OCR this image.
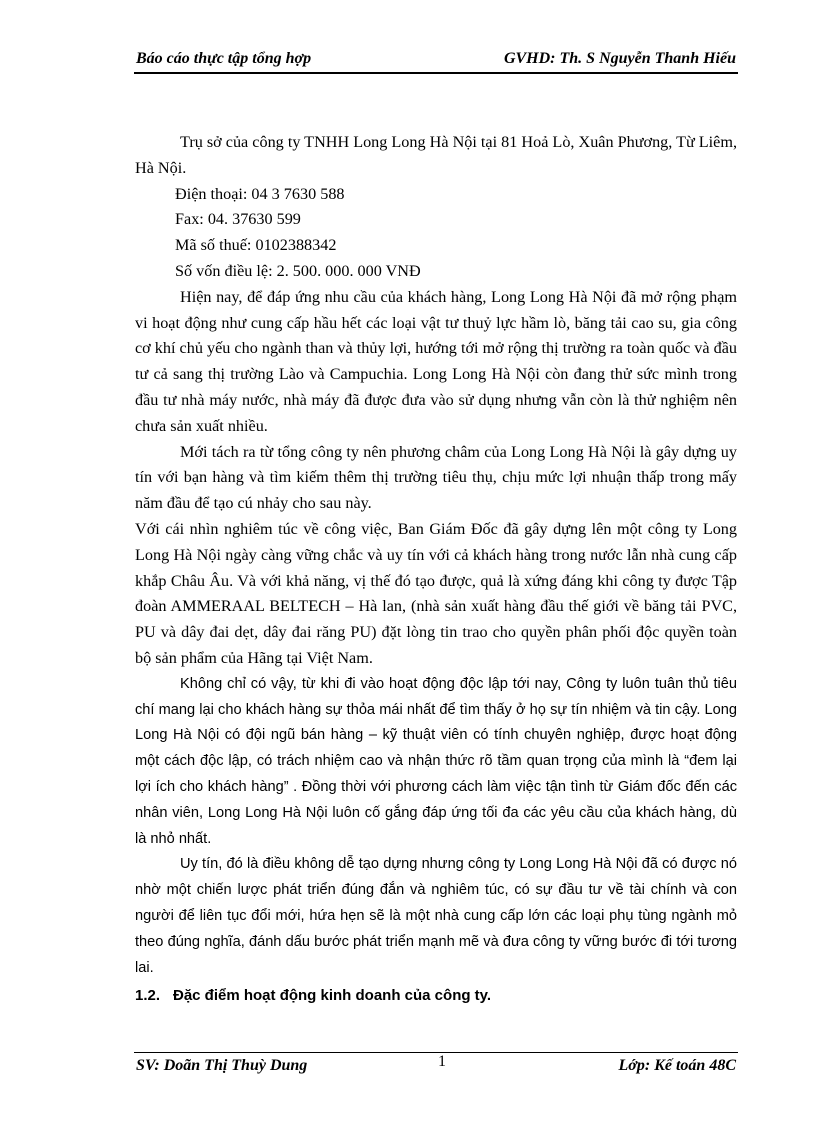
Báo cáo thực tập tổng hợp	GVHD: Th. S Nguyễn Thanh Hiếu

Trụ sở của công ty TNHH Long Long Hà Nội tại 81 Hoả Lò, Xuân Phương, Từ Liêm, Hà Nội.

Điện thoại: 04 3 7630 588

Fax: 04. 37630 599

Mã số thuế: 0102388342

Số vốn điều lệ: 2. 500. 000. 000 VNĐ

Hiện nay, để đáp ứng nhu cầu của khách hàng, Long Long Hà Nội đã mở rộng phạm vi hoạt động như cung cấp hầu hết các loại vật tư thuỷ lực hầm lò, băng tải cao su, gia công cơ khí chủ yếu cho ngành than và thủy lợi, hướng tới mở rộng thị trường ra toàn quốc và đầu tư cả sang thị trường Lào và Campuchia. Long Long Hà Nội còn đang thử sức mình trong đầu tư nhà máy nước, nhà máy đã được đưa vào sử dụng nhưng vẫn còn là thử nghiệm nên chưa sản xuất nhiều.

Mới tách ra từ tổng công ty nên phương châm của Long Long Hà Nội là gây dựng uy tín với bạn hàng và tìm kiếm thêm thị trường tiêu thụ, chịu mức lợi nhuận thấp trong mấy năm đầu để tạo cú nhảy cho sau này.

Với cái nhìn nghiêm túc về công việc, Ban Giám Đốc đã gây dựng lên một công ty Long Long Hà Nội ngày càng vững chắc và uy tín với cả khách hàng trong nước lẫn nhà cung cấp khắp Châu Âu. Và với khả năng, vị thế đó tạo được, quả là xứng đáng khi công ty được Tập đoàn AMMERAAL BELTECH – Hà lan, (nhà sản xuất hàng đầu thế giới về băng tải PVC, PU và dây đai dẹt, dây đai răng PU) đặt lòng tin trao cho quyền phân phối độc quyền toàn bộ sản phẩm của Hãng tại Việt Nam.

Không chỉ có vậy, từ khi đi vào hoạt động độc lập tới nay, Công ty luôn tuân thủ tiêu chí mang lại cho khách hàng sự thỏa mái nhất để tìm thấy ở họ sự tín nhiệm và tin cậy. Long Long Hà Nội có đội ngũ bán hàng – kỹ thuật viên có tính chuyên nghiệp, được hoạt động một cách độc lập, có trách nhiệm cao và nhận thức rõ tầm quan trọng của mình là “đem lại lợi ích cho khách hàng” . Đồng thời với phương cách làm việc tận tình từ Giám đốc đến các nhân viên, Long Long Hà Nội luôn cố gắng đáp ứng tối đa các yêu cầu của khách hàng, dù là nhỏ nhất.

Uy tín, đó là điều không dễ tạo dựng nhưng công ty Long Long Hà Nội đã có được nó nhờ một chiến lược phát triển đúng đắn và nghiêm túc, có sự đầu tư về tài chính và con người để liên tục đổi mới, hứa hẹn sẽ là một nhà cung cấp lớn các loại phụ tùng ngành mỏ theo đúng nghĩa, đánh dấu bước phát triển mạnh mẽ và đưa công ty vững bước đi tới tương lai.

1.2. Đặc điểm hoạt động kinh doanh của công ty.

SV: Doãn Thị Thuỳ Dung	1	Lớp: Kế toán 48C
